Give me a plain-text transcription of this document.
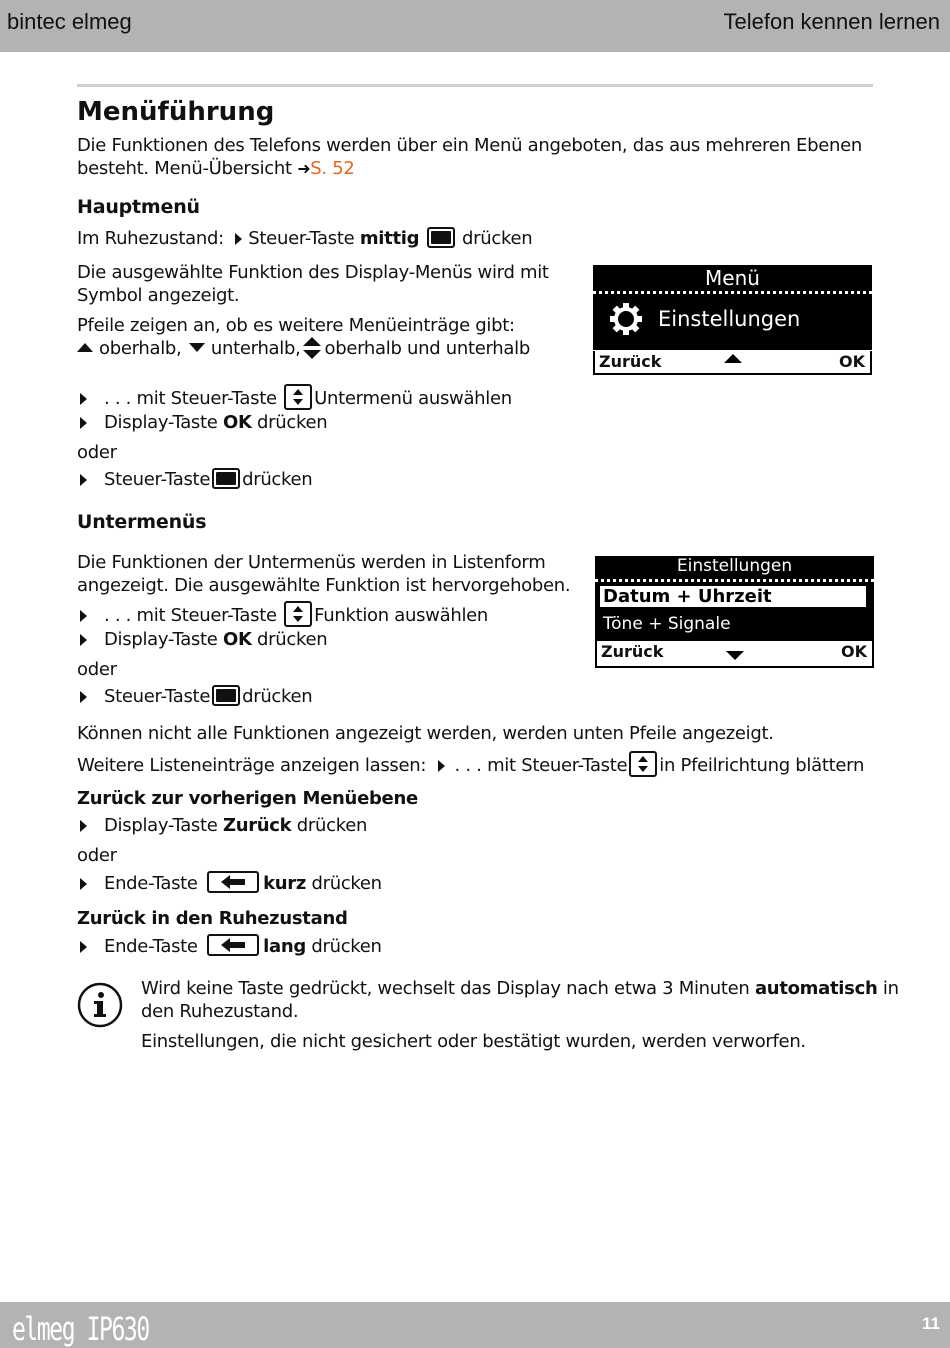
bintec elmeg	Telefon kennen lernen
Menüführung
Die Funktionen des Telefons werden über ein Menü angeboten, das aus mehreren Ebenen
besteht. Menü-Übersicht ➜S. 52
Hauptmenü
Im Ruhezustand: Steuer-Taste mittig drücken
Die ausgewählte Funktion des Display-Menüs wird mit
Symbol angezeigt.
Pfeile zeigen an, ob es weitere Menüeinträge gibt:
oberhalb, unterhalb, oberhalb und unterhalb
. . . mit Steuer-Taste Untermenü auswählen
Display-Taste OK drücken
oder
Steuer-Taste drücken
Menü
Einstellungen
Zurück	OK
Untermenüs
Die Funktionen der Untermenüs werden in Listenform
angezeigt. Die ausgewählte Funktion ist hervorgehoben.
. . . mit Steuer-Taste Funktion auswählen
Display-Taste OK drücken
oder
Steuer-Taste drücken
Einstellungen
Datum + Uhrzeit
Töne + Signale
Zurück	OK
Können nicht alle Funktionen angezeigt werden, werden unten Pfeile angezeigt.
Weitere Listeneinträge anzeigen lassen: . . . mit Steuer-Taste in Pfeilrichtung blättern
Zurück zur vorherigen Menüebene
Display-Taste Zurück drücken
oder
Ende-Taste	kurz drücken
Zurück in den Ruhezustand
Ende-Taste	lang drücken
Wird keine Taste gedrückt, wechselt das Display nach etwa 3 Minuten automatisch in
den Ruhezustand.
Einstellungen, die nicht gesichert oder bestätigt wurden, werden verworfen.
elmeg IP630	11
